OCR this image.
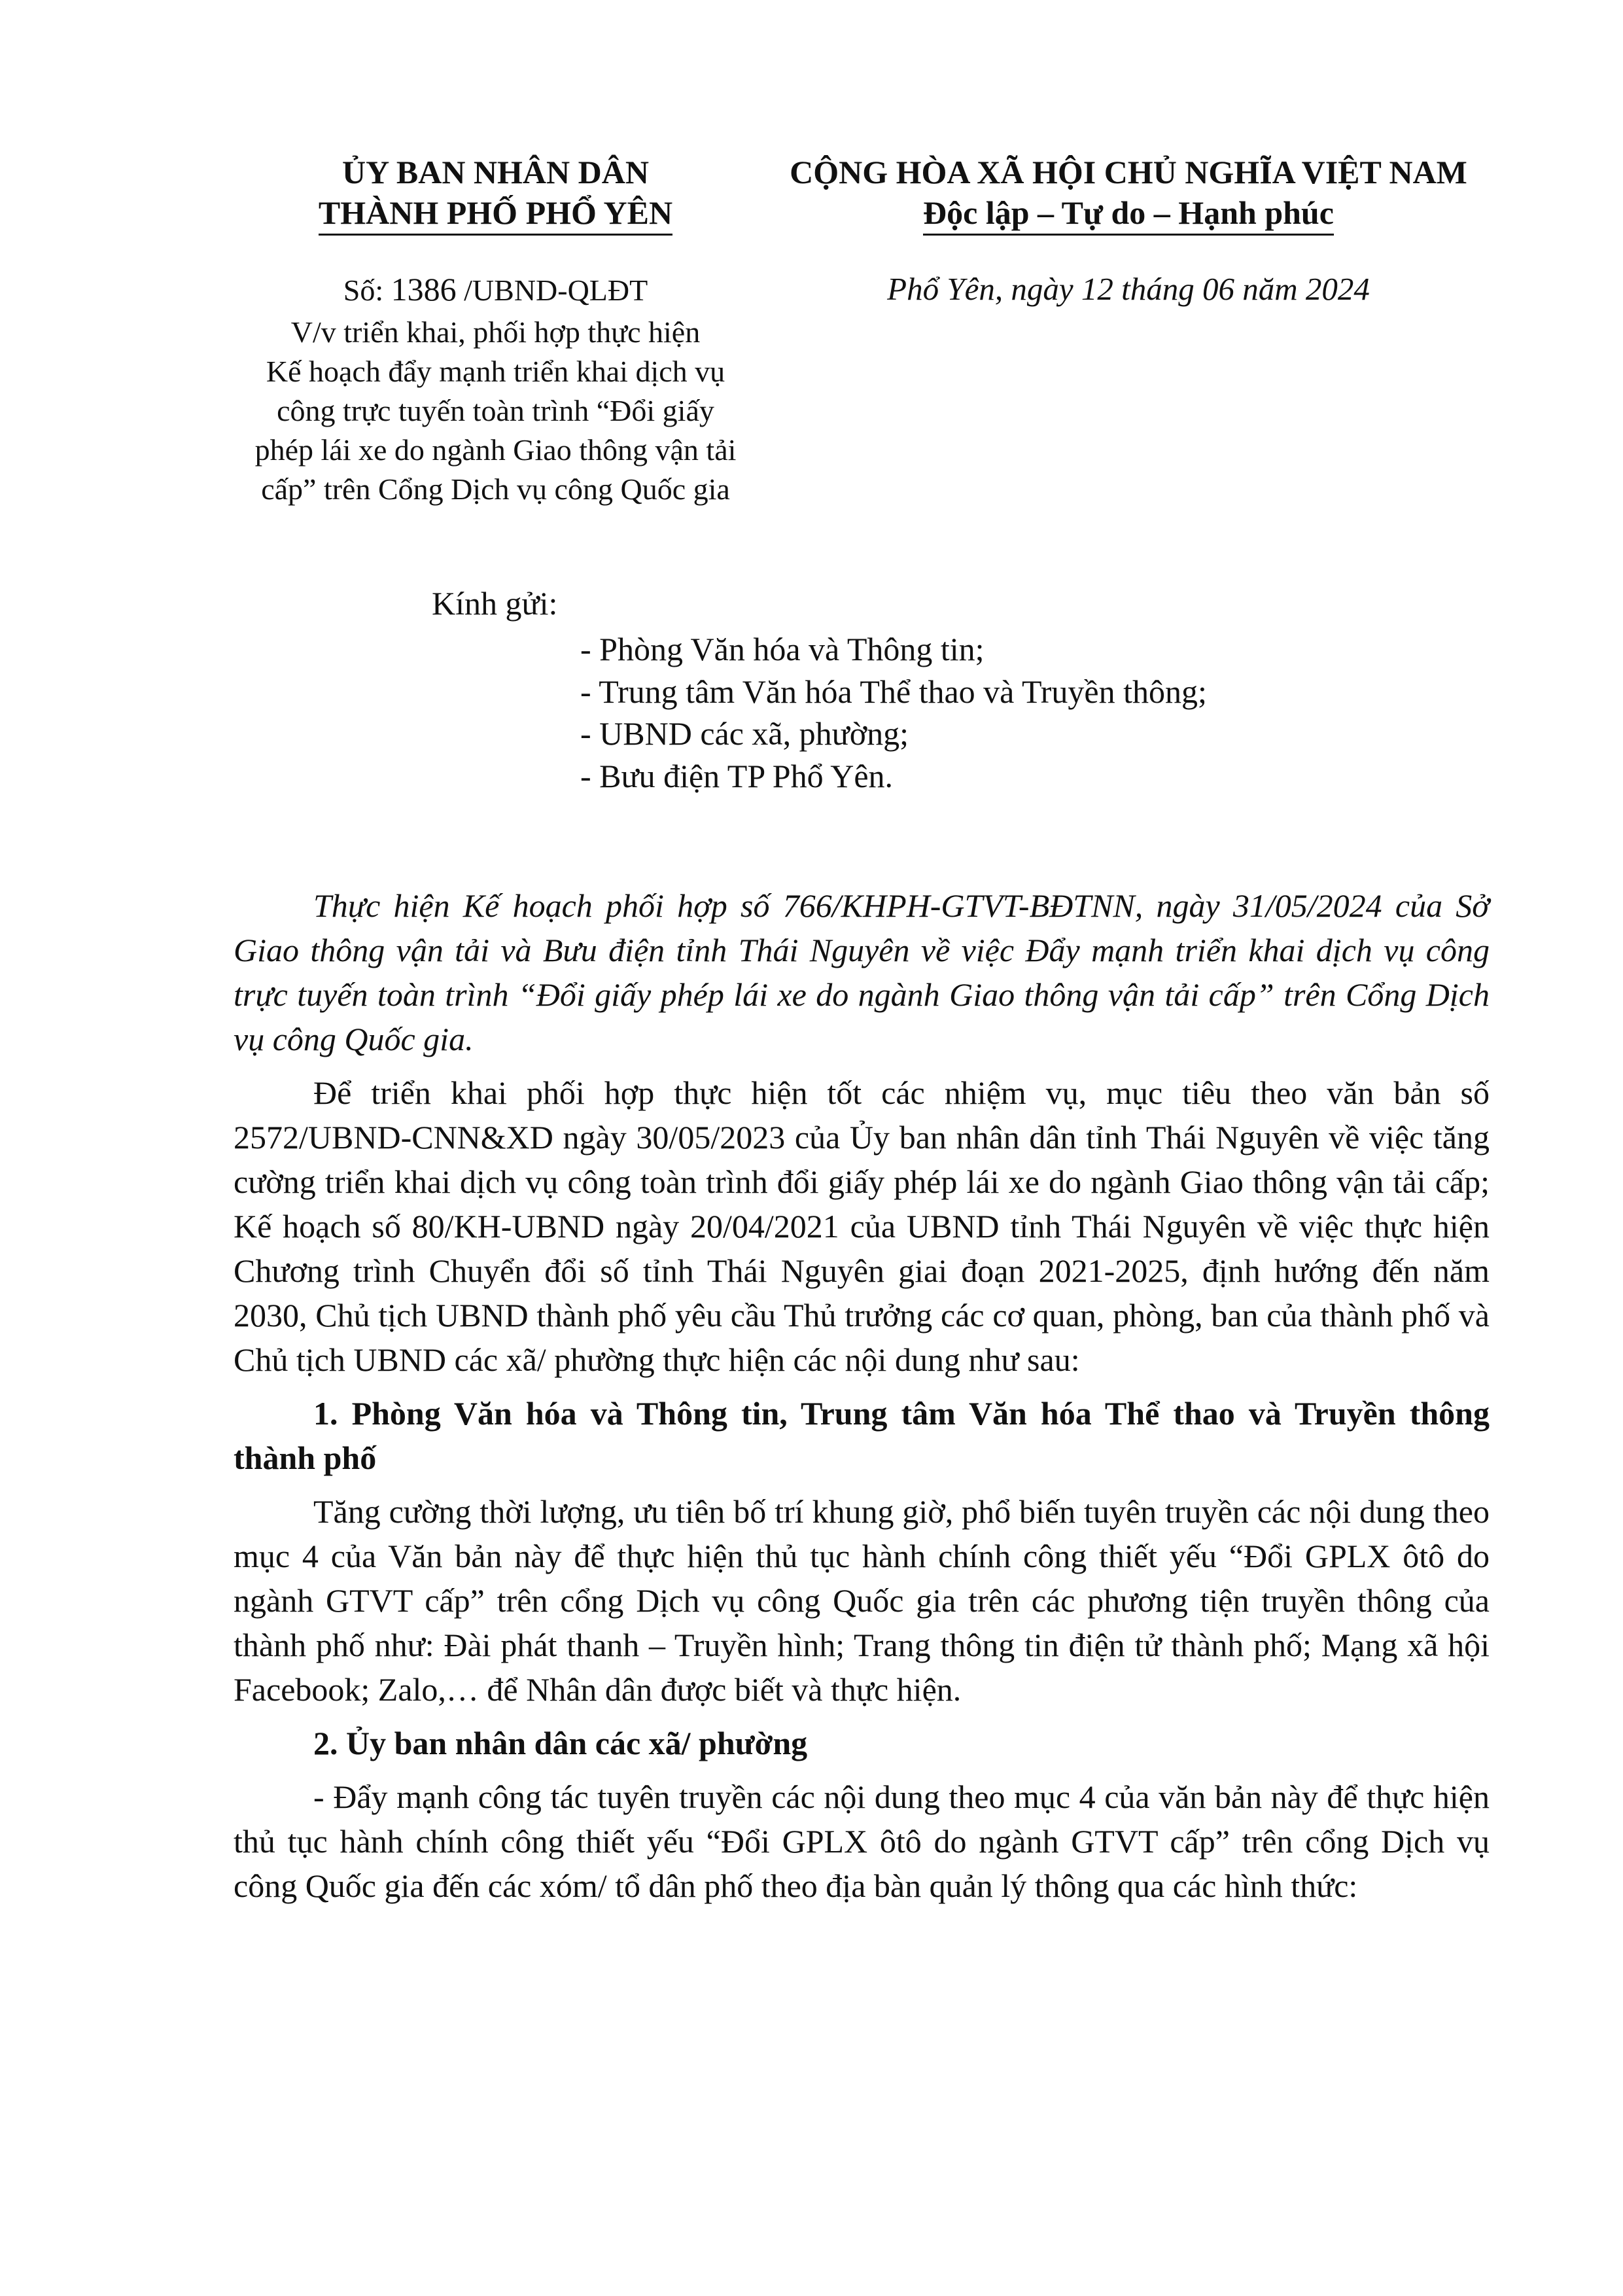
ỦY BAN NHÂN DÂN
THÀNH PHỐ PHỔ YÊN
CỘNG HÒA XÃ HỘI CHỦ NGHĨA VIỆT NAM
Độc lập – Tự do – Hạnh phúc
Số: 1386 /UBND-QLĐT	Phổ Yên, ngày 12 tháng 06 năm 2024
V/v triển khai, phối hợp thực hiện
Kế hoạch đẩy mạnh triển khai dịch vụ
công trực tuyến toàn trình “Đổi giấy
phép lái xe do ngành Giao thông vận tải
cấp” trên Cổng Dịch vụ công Quốc gia
Kính gửi:
- Phòng Văn hóa và Thông tin;
- Trung tâm Văn hóa Thể thao và Truyền thông;
- UBND các xã, phường;
- Bưu điện TP Phổ Yên.

Thực hiện Kế hoạch phối hợp số 766/KHPH-GTVT-BĐTNN, ngày 31/05/2024 của Sở Giao thông vận tải và Bưu điện tỉnh Thái Nguyên về việc Đẩy mạnh triển khai dịch vụ công trực tuyến toàn trình “Đổi giấy phép lái xe do ngành Giao thông vận tải cấp” trên Cổng Dịch vụ công Quốc gia.

Để triển khai phối hợp thực hiện tốt các nhiệm vụ, mục tiêu theo văn bản số 2572/UBND-CNN&XD ngày 30/05/2023 của Ủy ban nhân dân tỉnh Thái Nguyên về việc tăng cường triển khai dịch vụ công toàn trình đổi giấy phép lái xe do ngành Giao thông vận tải cấp; Kế hoạch số 80/KH-UBND ngày 20/04/2021 của UBND tỉnh Thái Nguyên về việc thực hiện Chương trình Chuyển đổi số tỉnh Thái Nguyên giai đoạn 2021-2025, định hướng đến năm 2030, Chủ tịch UBND thành phố yêu cầu Thủ trưởng các cơ quan, phòng, ban của thành phố và Chủ tịch UBND các xã/ phường thực hiện các nội dung như sau:

1. Phòng Văn hóa và Thông tin, Trung tâm Văn hóa Thể thao và Truyền thông thành phố

Tăng cường thời lượng, ưu tiên bố trí khung giờ, phổ biến tuyên truyền các nội dung theo mục 4 của Văn bản này để thực hiện thủ tục hành chính công thiết yếu “Đổi GPLX ôtô do ngành GTVT cấp” trên cổng Dịch vụ công Quốc gia trên các phương tiện truyền thông của thành phố như: Đài phát thanh – Truyền hình; Trang thông tin điện tử thành phố; Mạng xã hội Facebook; Zalo,… để Nhân dân được biết và thực hiện.

2. Ủy ban nhân dân các xã/ phường

- Đẩy mạnh công tác tuyên truyền các nội dung theo mục 4 của văn bản này để thực hiện thủ tục hành chính công thiết yếu “Đổi GPLX ôtô do ngành GTVT cấp” trên cổng Dịch vụ công Quốc gia đến các xóm/ tổ dân phố theo địa bàn quản lý thông qua các hình thức:
